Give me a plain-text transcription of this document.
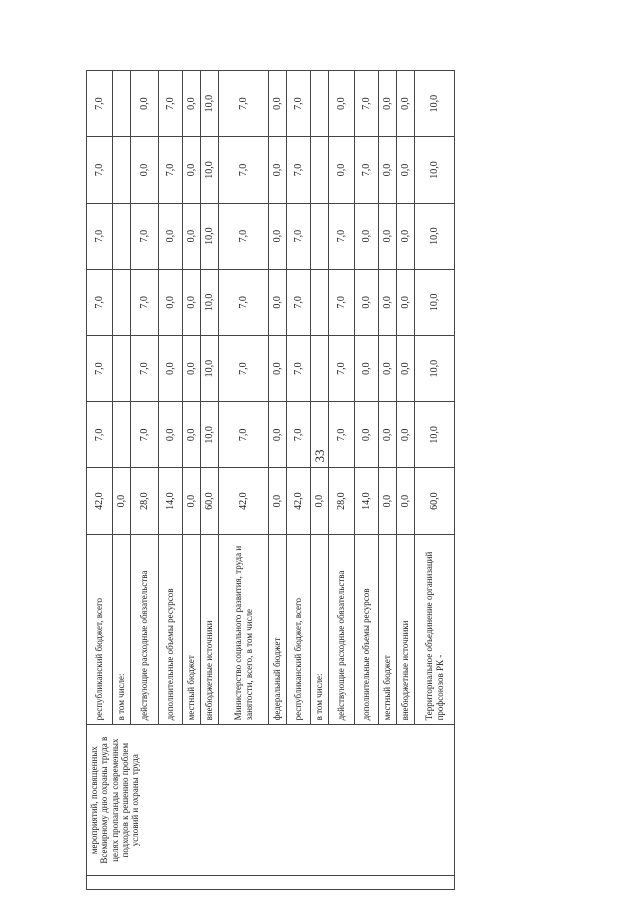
33
	мероприятий, посвященных Всемирному дню охраны труда в целях пропаганды современных подходов к решению проблем условий и охраны труда	республиканский бюджет, всего	42,0	7,0	7,0	7,0	7,0	7,0	7,0
		в том числе:	0,0						
		действующие расходные обязательства	28,0	7,0	7,0	7,0	7,0	0,0	0,0
		дополнительные объемы ресурсов	14,0	0,0	0,0	0,0	0,0	7,0	7,0
		местный бюджет	0,0	0,0	0,0	0,0	0,0	0,0	0,0
		внебюджетные источники	60,0	10,0	10,0	10,0	10,0	10,0	10,0
		Министерство социального развития, труда и занятости, всего, в том числе	42,0	7,0	7,0	7,0	7,0	7,0	7,0
		федеральный бюджет	0,0	0,0	0,0	0,0	0,0	0,0	0,0
		республиканский бюджет, всего	42,0	7,0	7,0	7,0	7,0	7,0	7,0
		в том числе:	0,0						
		действующие расходные обязательства	28,0	7,0	7,0	7,0	7,0	0,0	0,0
		дополнительные объемы ресурсов	14,0	0,0	0,0	0,0	0,0	7,0	7,0
		местный бюджет	0,0	0,0	0,0	0,0	0,0	0,0	0,0
		внебюджетные источники	0,0	0,0	0,0	0,0	0,0	0,0	0,0
		Территориальное объединение организаций профсоюзов РК -	60,0	10,0	10,0	10,0	10,0	10,0	10,0
